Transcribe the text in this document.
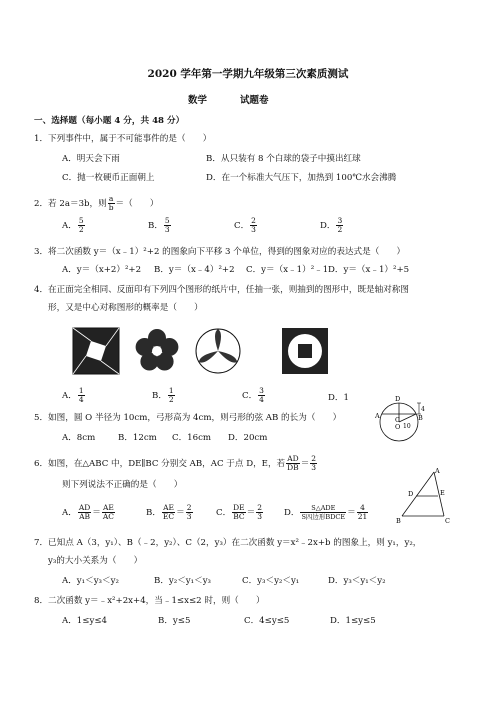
2020 学年第一学期九年级第三次素质测试
数学	试题卷
一、选择题（每小题 4 分，共 48 分）
1．下列事件中，属于不可能事件的是（　　）
A．明天会下雨	B．从只装有 8 个白球的袋子中摸出红球
C．抛一枚硬币正面朝上	D．在一个标准大气压下，加热到 100℃水会沸腾
2．若 2a＝3b，则 $\frac{a}{b}$ ＝（　　）
A． $\frac{5}{2}$	B． $\frac{5}{3}$	C． $\frac{2}{3}$	D． $\frac{3}{2}$
3．将二次函数 y＝（x﹣1）²+2 的图象向下平移 3 个单位，得到的图象对应的表达式是（　　）
A．y＝（x+2）²+2 B．y＝（x﹣4）²+2 C．y＝（x﹣1）²﹣1 D．y＝（x﹣1）²+5
4．在正面完全相同、反面印有下列四个图形的纸片中，任抽一张，则抽到的图形中，既是轴对称图
形，又是中心对称图形的概率是（　　）
A． $\frac{1}{4}$	B． $\frac{1}{2}$	C． $\frac{3}{4}$	D．1
5．如图，圆 O 半径为 10cm，弓形高为 4cm，则弓形的弦 AB 的长为（　　）
A．8cm	B．12cm C．16cm D．20cm
D
A C
O
B
4
10
6．如图，在△ABC 中，DE∥BC 分别交 AB，AC 于点 D，E，若 $\frac{AD}{DB} = \frac{2}{3}$
则下列说法不正确的是（　　）
A． $\frac{AD}{AB} = \frac{AE}{AC}$	B． $\frac{AE}{EC} = \frac{2}{3}$	C． $\frac{DE}{BC} = \frac{2}{3}$ D． $\frac{\text{S△ADE}}{\text{S四边形BDCE}} = \frac{4}{21}$
A
D	E
B	C
7．已知点 A（3，y₁）、B（﹣2，y₂）、C（2，y₃）在二次函数 y＝x²﹣2x+b 的图象上，则 y₁，y₂，
y₃的大小关系为（　　）
A．y₁＜y₃＜y₂	B．y₂＜y₁＜y₃	C．y₃＜y₂＜y₁	D．y₃＜y₁＜y₂
8．二次函数 y＝﹣x²+2x+4，当﹣1≤x≤2 时，则（　　）
A．1≤y≤4	B．y≤5	C．4≤y≤5	D．1≤y≤5
